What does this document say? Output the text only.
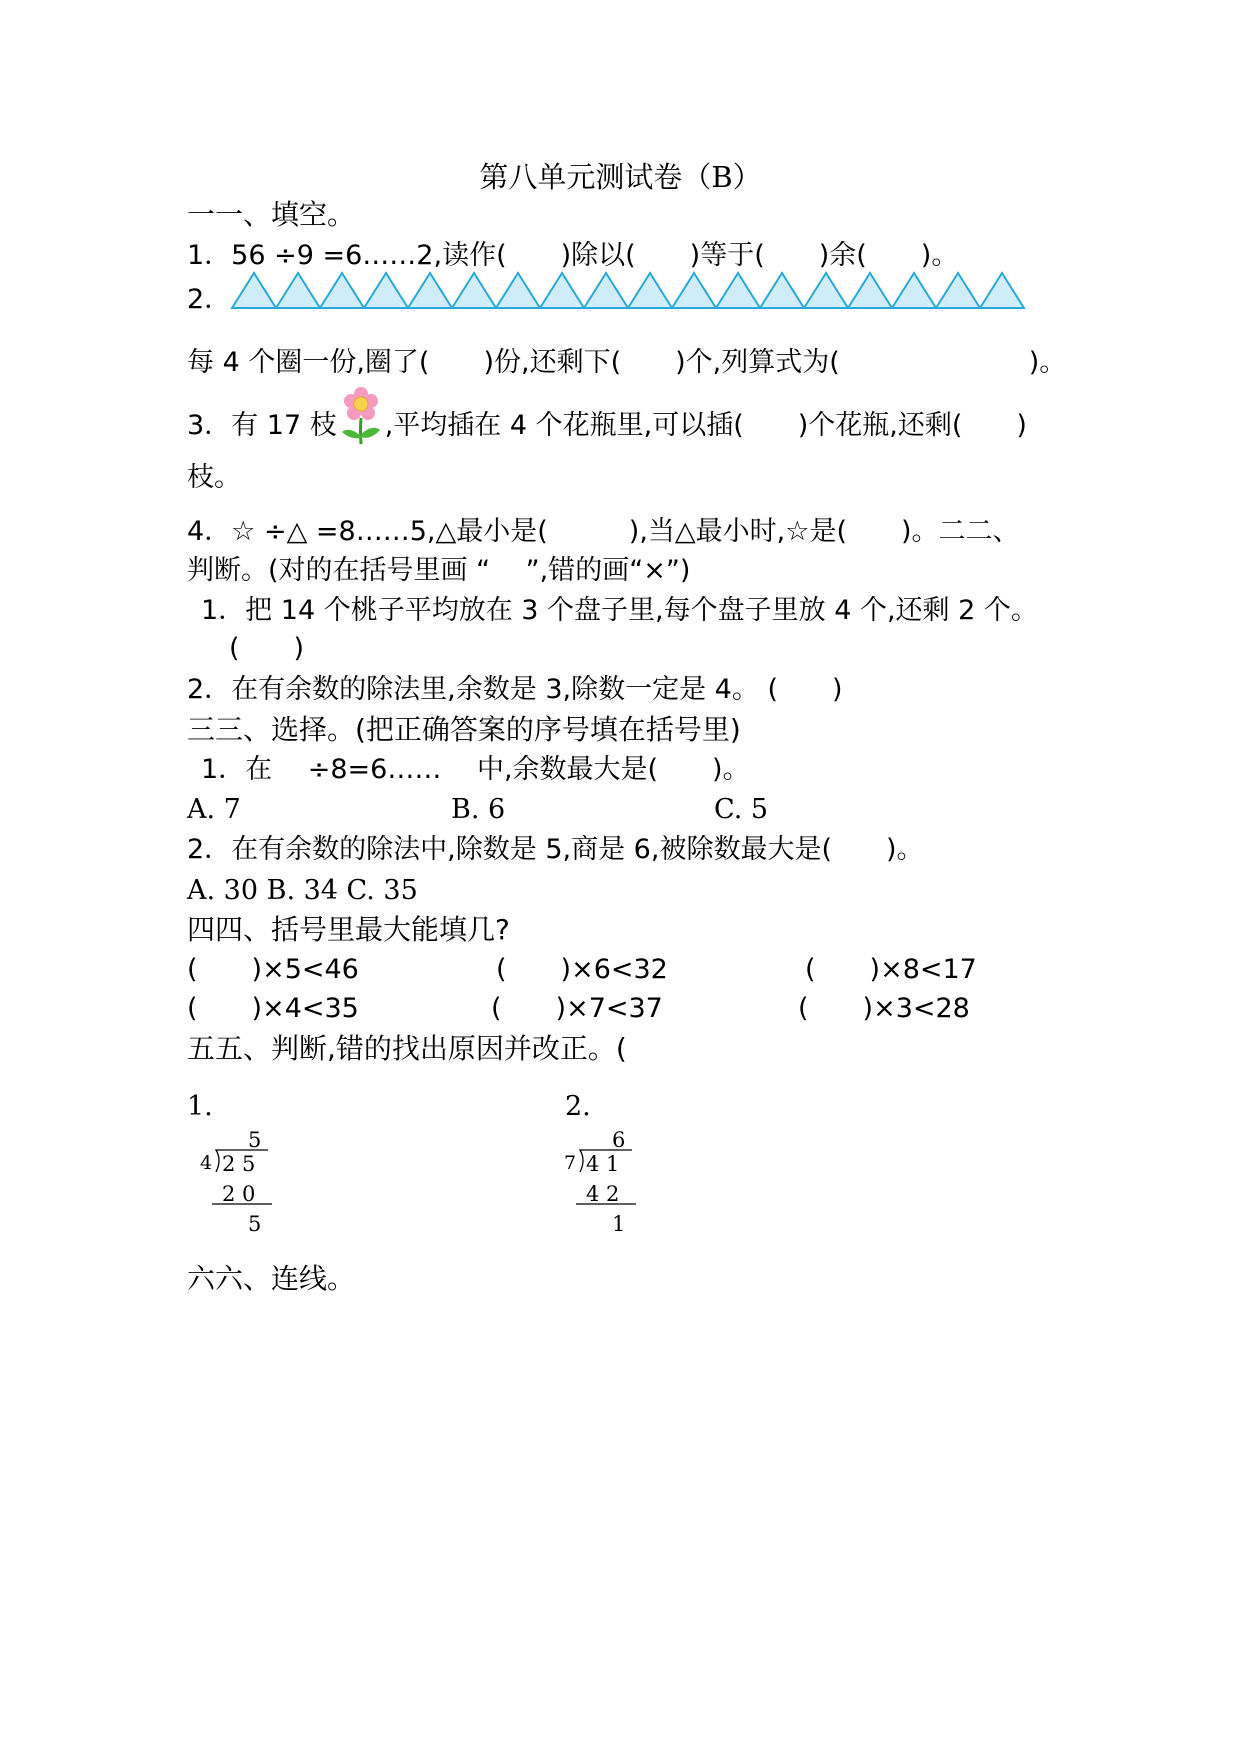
第八单元测试卷（B）
一一、填空。
1．56 ÷9 =6……2,读作(　　)除以(　　)等于(　　)余(　　)。
2．
每 4 个圈一份,圈了(　　)份,还剩下(　　)个,列算式为(　　　　　　　)。
3．有 17 枝 ,平均插在 4 个花瓶里,可以插(　　)个花瓶,还剩(　　)
枝。
4．☆ ÷△ =8……5,△最小是(　　　),当△最小时,☆是(　　)。二二、
判断。(对的在括号里画 “　 ”,错的画“×”)
1．把 14 个桃子平均放在 3 个盘子里,每个盘子里放 4 个,还剩 2 个。
(　　)
2．在有余数的除法里,余数是 3,除数一定是 4。 (　　)
三三、选择。(把正确答案的序号填在括号里)
1．在 　÷8=6……　 中,余数最大是(　　)。
A. 7	B. 6	C. 5
2．在有余数的除法中,除数是 5,商是 6,被除数最大是(　　)。
A. 30 B. 34 C. 35
四四、括号里最大能填几?
(　　)×5<46	(　　)×6<32	(　　)×8<17
(　　)×4<35	(　　)×7<37	(　　)×3<28
五五、判断,错的找出原因并改正。(
1.	2.
5
4 2 5
2 0
5
6
7 4 1
4 2
1
六六、连线。
